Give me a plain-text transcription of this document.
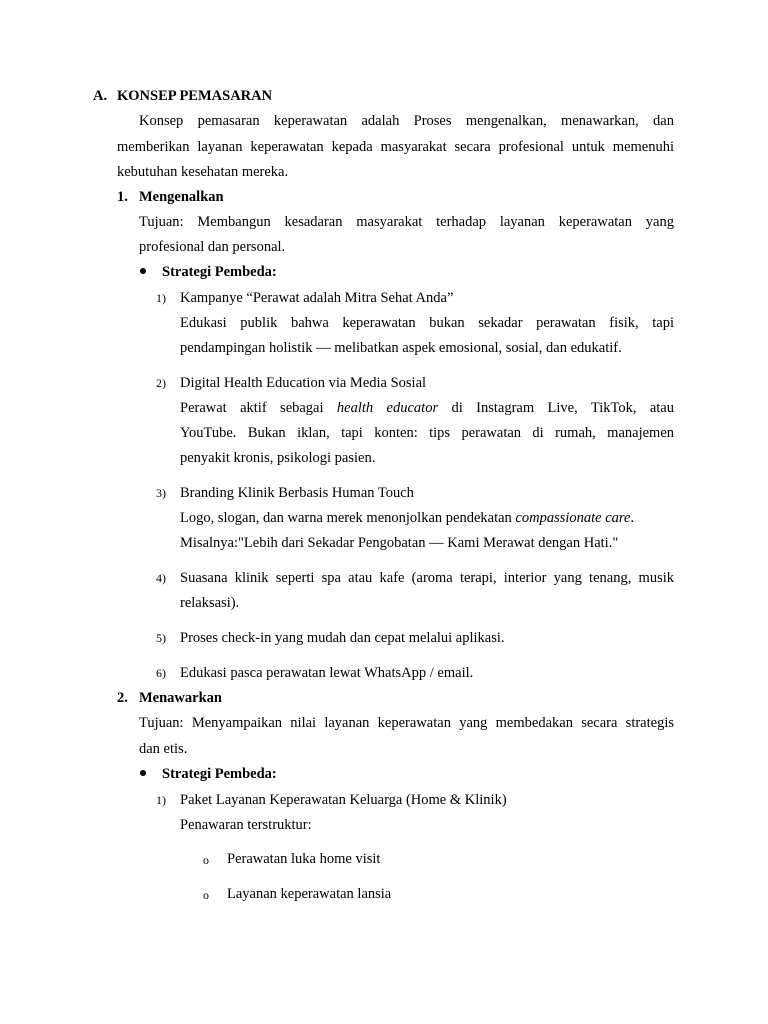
A. KONSEP PEMASARAN
Konsep pemasaran keperawatan adalah Proses mengenalkan, menawarkan, dan
memberikan layanan keperawatan kepada masyarakat secara profesional untuk memenuhi
kebutuhan kesehatan mereka.
1. Mengenalkan
Tujuan: Membangun kesadaran masyarakat terhadap layanan keperawatan yang
profesional dan personal.
Strategi Pembeda:
1) Kampanye “Perawat adalah Mitra Sehat Anda”
Edukasi publik bahwa keperawatan bukan sekadar perawatan fisik, tapi
pendampingan holistik — melibatkan aspek emosional, sosial, dan edukatif.
2) Digital Health Education via Media Sosial
Perawat aktif sebagai health educator di Instagram Live, TikTok, atau
YouTube. Bukan iklan, tapi konten: tips perawatan di rumah, manajemen
penyakit kronis, psikologi pasien.
3) Branding Klinik Berbasis Human Touch
Logo, slogan, dan warna merek menonjolkan pendekatan compassionate care.
Misalnya:"Lebih dari Sekadar Pengobatan — Kami Merawat dengan Hati."
4) Suasana klinik seperti spa atau kafe (aroma terapi, interior yang tenang, musik
relaksasi).
5) Proses check-in yang mudah dan cepat melalui aplikasi.
6) Edukasi pasca perawatan lewat WhatsApp / email.
2. Menawarkan
Tujuan: Menyampaikan nilai layanan keperawatan yang membedakan secara strategis
dan etis.
Strategi Pembeda:
1) Paket Layanan Keperawatan Keluarga (Home & Klinik)
Penawaran terstruktur:
o Perawatan luka home visit
o Layanan keperawatan lansia
